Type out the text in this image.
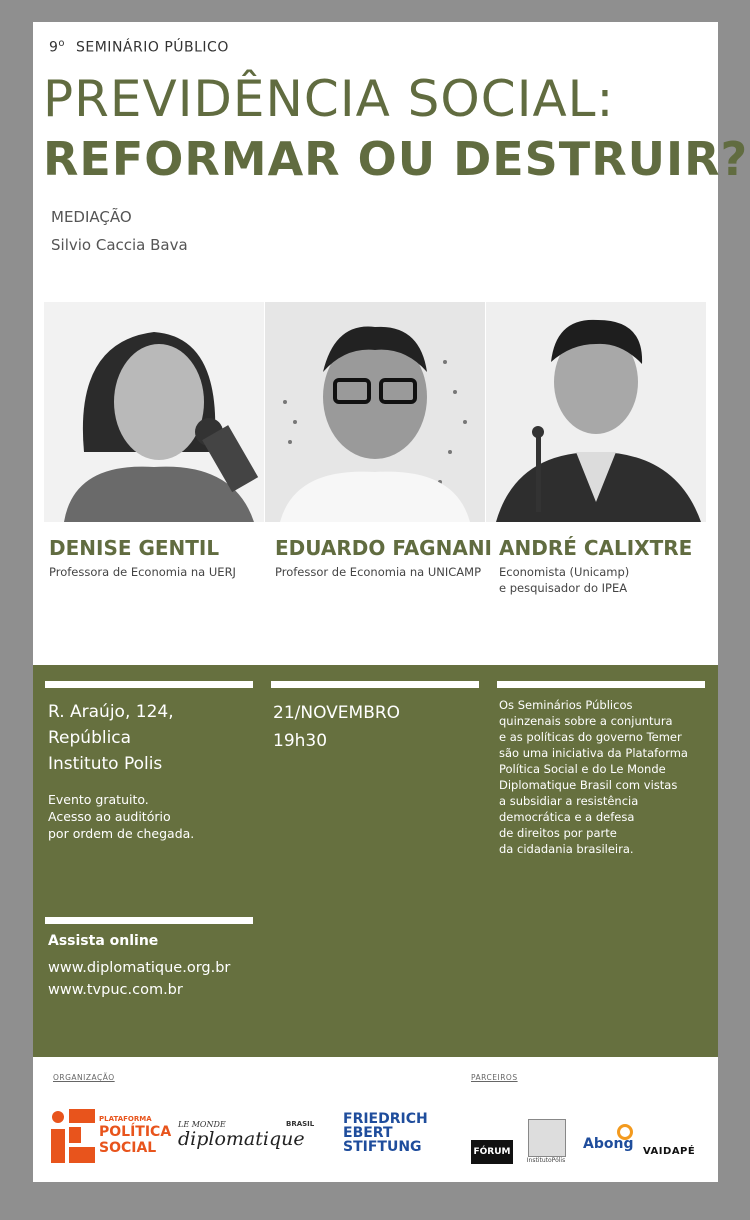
9$^o$ SEMINÁRIO PÚBLICO
PREVIDÊNCIA SOCIAL:
REFORMAR OU DESTRUIR?
MEDIAÇÃO
Silvio Caccia Bava
DENISE GENTIL
Professora de Economia na UERJ
EDUARDO FAGNANI
Professor de Economia na UNICAMP
ANDRÉ CALIXTRE
Economista (Unicamp)
e pesquisador do IPEA
R. Araújo, 124,
República
Instituto Polis
Evento gratuito.
Acesso ao auditório
por ordem de chegada.
21/NOVEMBRO
19h30
Os Seminários Públicos
quinzenais sobre a conjuntura
e as políticas do governo Temer
são uma iniciativa da Plataforma
Política Social e do Le Monde
Diplomatique Brasil com vistas
a subsidiar a resistência
democrática e a defesa
de direitos por parte
da cidadania brasileira.
Assista online
www.diplomatique.org.br
www.tvpuc.com.br
ORGANIZAÇÃO	PARCEIROS
PLATAFORMA
POLÍTICA
SOCIAL
LE MONDE
diplomatique
BRASIL FRIEDRICH
EBERT
STIFTUNG	FÓRUM 21
InstitutoPólis
Abong VAIDAPÉ
